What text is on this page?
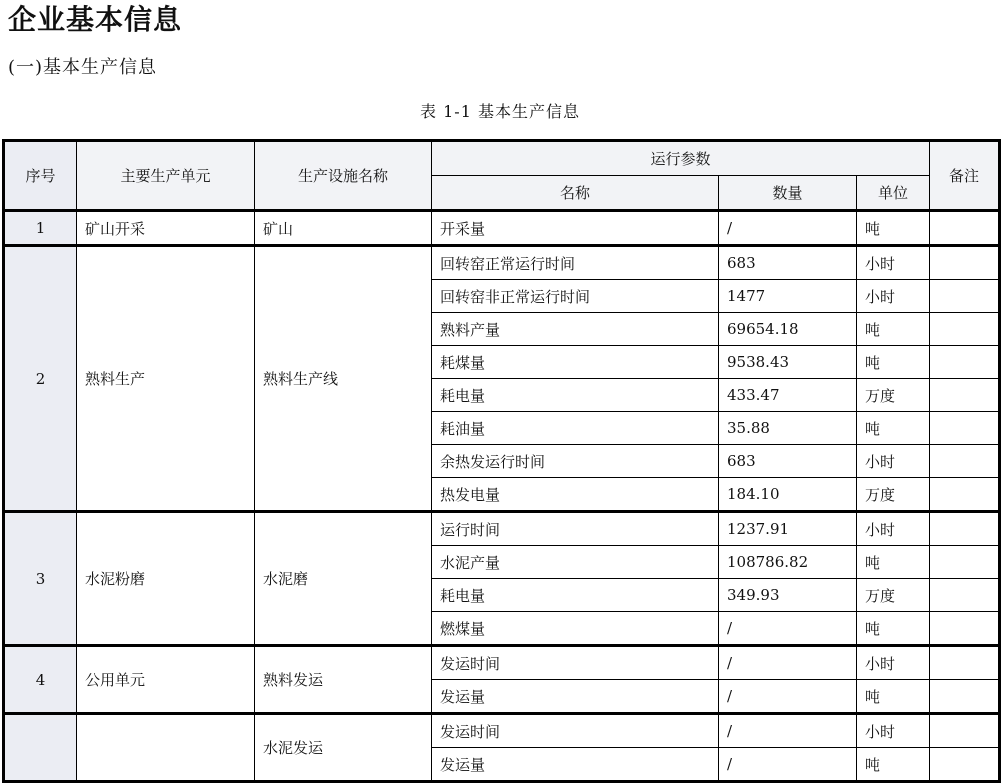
企业基本信息
(一)基本生产信息
表 1-1 基本生产信息
序号	主要生产单元	生产设施名称	运行参数			备注
			名称	数量	单位	
1	矿山开采	矿山	开采量	/	吨	
2	熟料生产	熟料生产线	回转窑正常运行时间	683	小时	
			回转窑非正常运行时间	1477	小时	
			熟料产量	69654.18	吨	
			耗煤量	9538.43	吨	
			耗电量	433.47	万度	
			耗油量	35.88	吨	
			余热发运行时间	683	小时	
			热发电量	184.10	万度	
3	水泥粉磨	水泥磨	运行时间	1237.91	小时	
			水泥产量	108786.82	吨	
			耗电量	349.93	万度	
			燃煤量	/	吨	
4	公用单元	熟料发运	发运时间	/	小时	
			发运量	/	吨	
		水泥发运	发运时间	/	小时	
			发运量	/	吨	
